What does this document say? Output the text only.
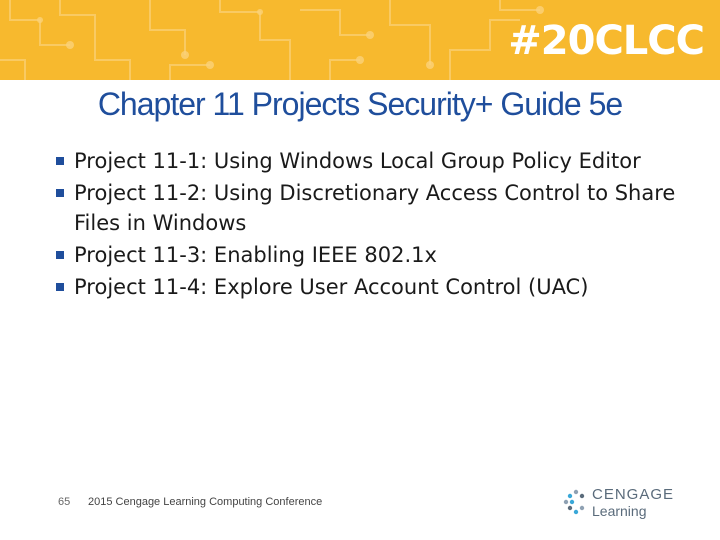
#20CLCC
Chapter 11 Projects Security+ Guide 5e
Project 11-1: Using Windows Local Group Policy Editor
Project 11-2: Using Discretionary Access Control to Share Files in Windows
Project 11-3: Enabling IEEE 802.1x
Project 11-4: Explore User Account Control (UAC)
65 2015 Cengage Learning Computing Conference	CENGAGE
Learning
